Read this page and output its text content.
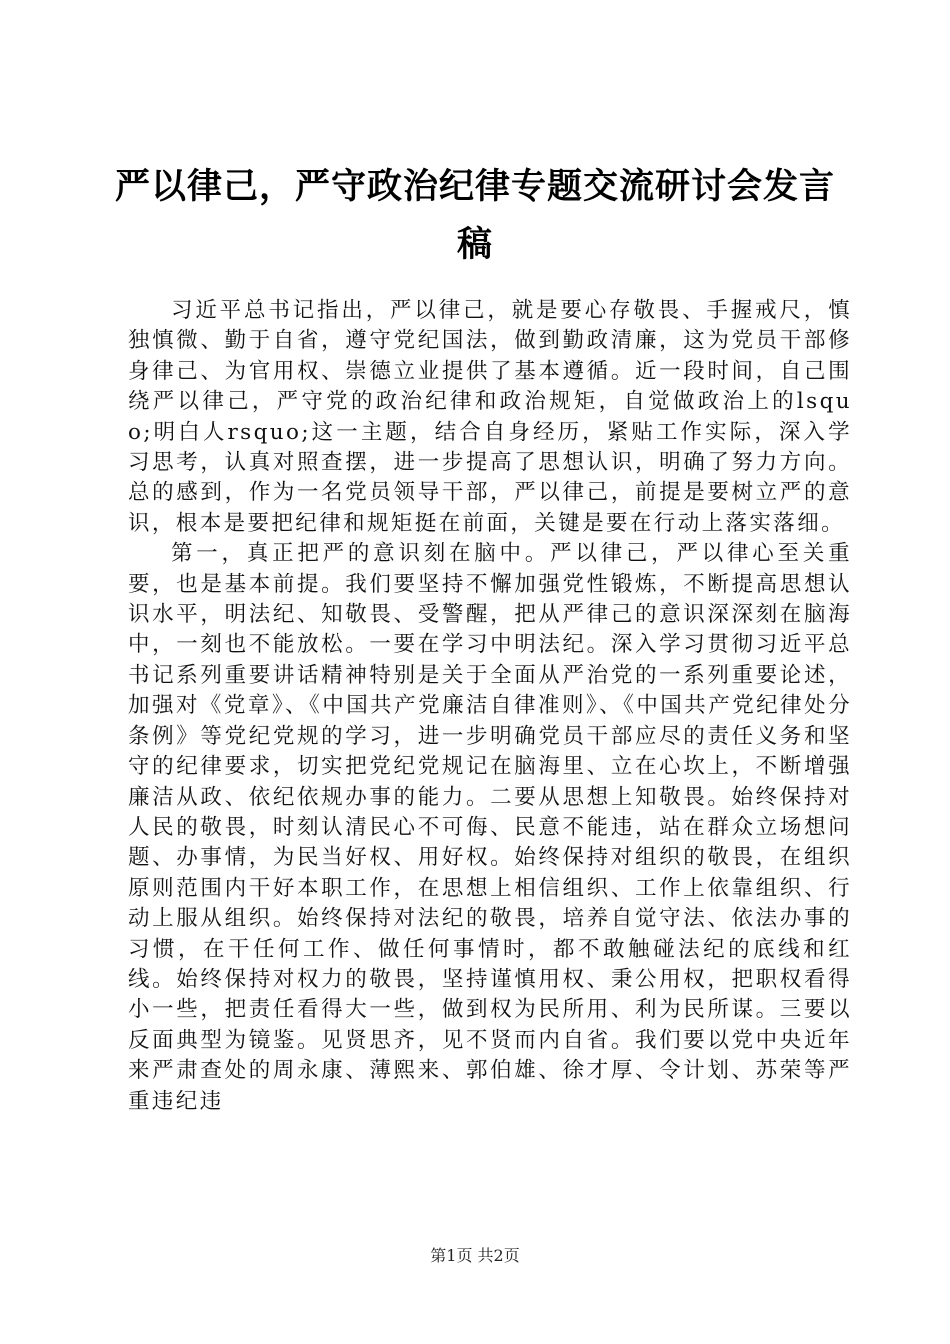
严以律己，严守政治纪律专题交流研讨会发言稿

习近平总书记指出，严以律己，就是要心存敬畏、手握戒尺，慎独慎微、勤于自省，遵守党纪国法，做到勤政清廉，这为党员干部修身律己、为官用权、崇德立业提供了基本遵循。近一段时间，自己围绕严以律己，严守党的政治纪律和政治规矩，自觉做政治上的lsquo;明白人rsquo;这一主题，结合自身经历，紧贴工作实际，深入学习思考，认真对照查摆，进一步提高了思想认识，明确了努力方向。总的感到，作为一名党员领导干部，严以律己，前提是要树立严的意识，根本是要把纪律和规矩挺在前面，关键是要在行动上落实落细。

第一，真正把严的意识刻在脑中。严以律己，严以律心至关重要，也是基本前提。我们要坚持不懈加强党性锻炼，不断提高思想认识水平，明法纪、知敬畏、受警醒，把从严律己的意识深深刻在脑海中，一刻也不能放松。一要在学习中明法纪。深入学习贯彻习近平总书记系列重要讲话精神特别是关于全面从严治党的一系列重要论述，加强对《党章》、《中国共产党廉洁自律准则》、《中国共产党纪律处分条例》等党纪党规的学习，进一步明确党员干部应尽的责任义务和坚守的纪律要求，切实把党纪党规记在脑海里、立在心坎上，不断增强廉洁从政、依纪依规办事的能力。二要从思想上知敬畏。始终保持对人民的敬畏，时刻认清民心不可侮、民意不能违，站在群众立场想问题、办事情，为民当好权、用好权。始终保持对组织的敬畏，在组织原则范围内干好本职工作，在思想上相信组织、工作上依靠组织、行动上服从组织。始终保持对法纪的敬畏，培养自觉守法、依法办事的习惯，在干任何工作、做任何事情时，都不敢触碰法纪的底线和红线。始终保持对权力的敬畏，坚持谨慎用权、秉公用权，把职权看得小一些，把责任看得大一些，做到权为民所用、利为民所谋。三要以反面典型为镜鉴。见贤思齐，见不贤而内自省。我们要以党中央近年来严肃查处的周永康、薄熙来、郭伯雄、徐才厚、令计划、苏荣等严重违纪违

第1页 共2页
